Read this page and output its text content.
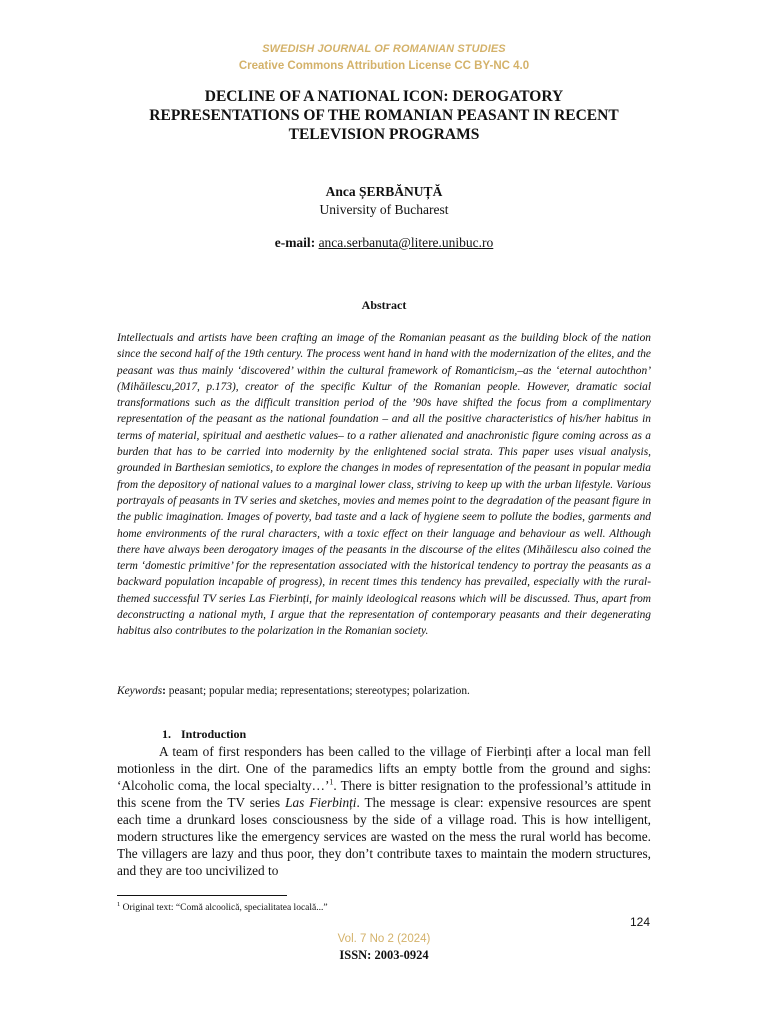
SWEDISH JOURNAL OF ROMANIAN STUDIES
Creative Commons Attribution License CC BY-NC 4.0
DECLINE OF A NATIONAL ICON: DEROGATORY
REPRESENTATIONS OF THE ROMANIAN PEASANT IN RECENT
TELEVISION PROGRAMS
Anca ȘERBĂNUȚĂ
University of Bucharest
e-mail: anca.serbanuta@litere.unibuc.ro
Abstract

Intellectuals and artists have been crafting an image of the Romanian peasant as the building block of the nation since the second half of the 19th century. The process went hand in hand with the modernization of the elites, and the peasant was thus mainly ‘discovered’ within the cultural framework of Romanticism,–as the ‘eternal autochthon’ (Mihăilescu,2017, p.173), creator of the specific Kultur of the Romanian people. However, dramatic social transformations such as the difficult transition period of the ’90s have shifted the focus from a complimentary representation of the peasant as the national foundation – and all the positive characteristics of his/her habitus in terms of material, spiritual and aesthetic values– to a rather alienated and anachronistic figure coming across as a burden that has to be carried into modernity by the enlightened social strata. This paper uses visual analysis, grounded in Barthesian semiotics, to explore the changes in modes of representation of the peasant in popular media from the depository of national values to a marginal lower class, striving to keep up with the urban lifestyle. Various portrayals of peasants in TV series and sketches, movies and memes point to the degradation of the peasant figure in the public imagination. Images of poverty, bad taste and a lack of hygiene seem to pollute the bodies, garments and home environments of the rural characters, with a toxic effect on their language and behaviour as well. Although there have always been derogatory images of the peasants in the discourse of the elites (Mihăilescu also coined the term ‘domestic primitive’ for the representation associated with the historical tendency to portray the peasants as a backward population incapable of progress), in recent times this tendency has prevailed, especially with the rural-themed successful TV series Las Fierbinți, for mainly ideological reasons which will be discussed. Thus, apart from deconstructing a national myth, I argue that the representation of contemporary peasants and their degenerating habitus also contributes to the polarization in the Romanian society.

Keywords: peasant; popular media; representations; stereotypes; polarization.

1. Introduction

A team of first responders has been called to the village of Fierbinți after a local man fell motionless in the dirt. One of the paramedics lifts an empty bottle from the ground and sighs: ‘Alcoholic coma, the local specialty…’$^1$. There is bitter resignation to the professional’s attitude in this scene from the TV series Las Fierbinți. The message is clear: expensive resources are spent each time a drunkard loses consciousness by the side of a village road. This is how intelligent, modern structures like the emergency services are wasted on the mess the rural world has become. The villagers are lazy and thus poor, they don’t contribute taxes to maintain the modern structures, and they are too uncivilized to

$^1$ Original text: “Comă alcoolică, specialitatea locală...”
124
Vol. 7 No 2 (2024)
ISSN: 2003-0924
